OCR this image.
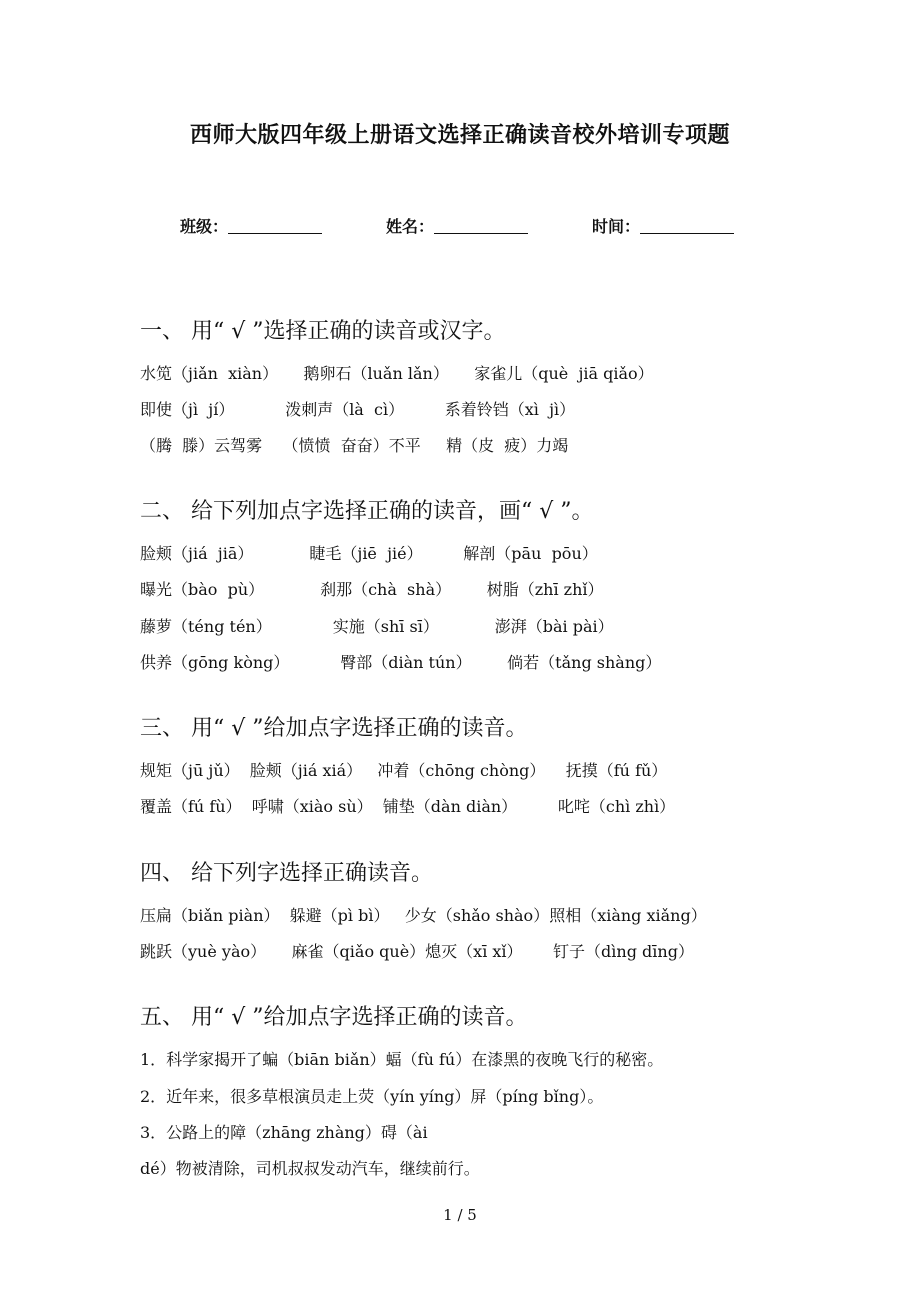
西师大版四年级上册语文选择正确读音校外培训专项题
班级：	姓名：	时间：
一、 用“ √ ”选择正确的读音或汉字。
水笕（jiǎn  xiàn）     鹅卵石（luǎn lǎn）     家雀儿（què  jiā qiǎo）
即使（jì  jí）          泼刺声（là  cì）        系着铃铛（xì  jì）
（腾  滕）云驾雾    （愤愤  奋奋）不平     精（皮  疲）力竭
二、 给下列加点字选择正确的读音，画“ √ ”。
脸颊（jiá  jiā）           睫毛（jiē  jié）        解剖（pāu  pōu）
曝光（bào  pù）           刹那（chà  shà）       树脂（zhī zhǐ）
藤萝（téng tén）            实施（shī sī）           澎湃（bài pài）
供养（gōng kòng）          臀部（diàn tún）       倘若（tǎng shàng）
三、 用“ √ ”给加点字选择正确的读音。
规矩（jū jǔ）  脸颊（jiá xiá）   冲着（chōng chòng）    抚摸（fú fǔ）
覆盖（fú fù）  呼啸（xiào sù）  铺垫（dàn diàn）        叱咤（chì zhì）
四、 给下列字选择正确读音。
压扁（biǎn piàn）  躲避（pì bì）   少女（shǎo shào）照相（xiàng xiǎng）
跳跃（yuè yào）     麻雀（qiǎo què）熄灭（xī xǐ）      钉子（dìng dīng）
五、 用“ √ ”给加点字选择正确的读音。
1．科学家揭开了蝙（biān biǎn）蝠（fù fú）在漆黑的夜晚飞行的秘密。
2．近年来，很多草根演员走上荧（yín yíng）屏（píng bǐng）。
3．公路上的障（zhāng zhàng）碍（ài
dé）物被清除，司机叔叔发动汽车，继续前行。
1 / 5
